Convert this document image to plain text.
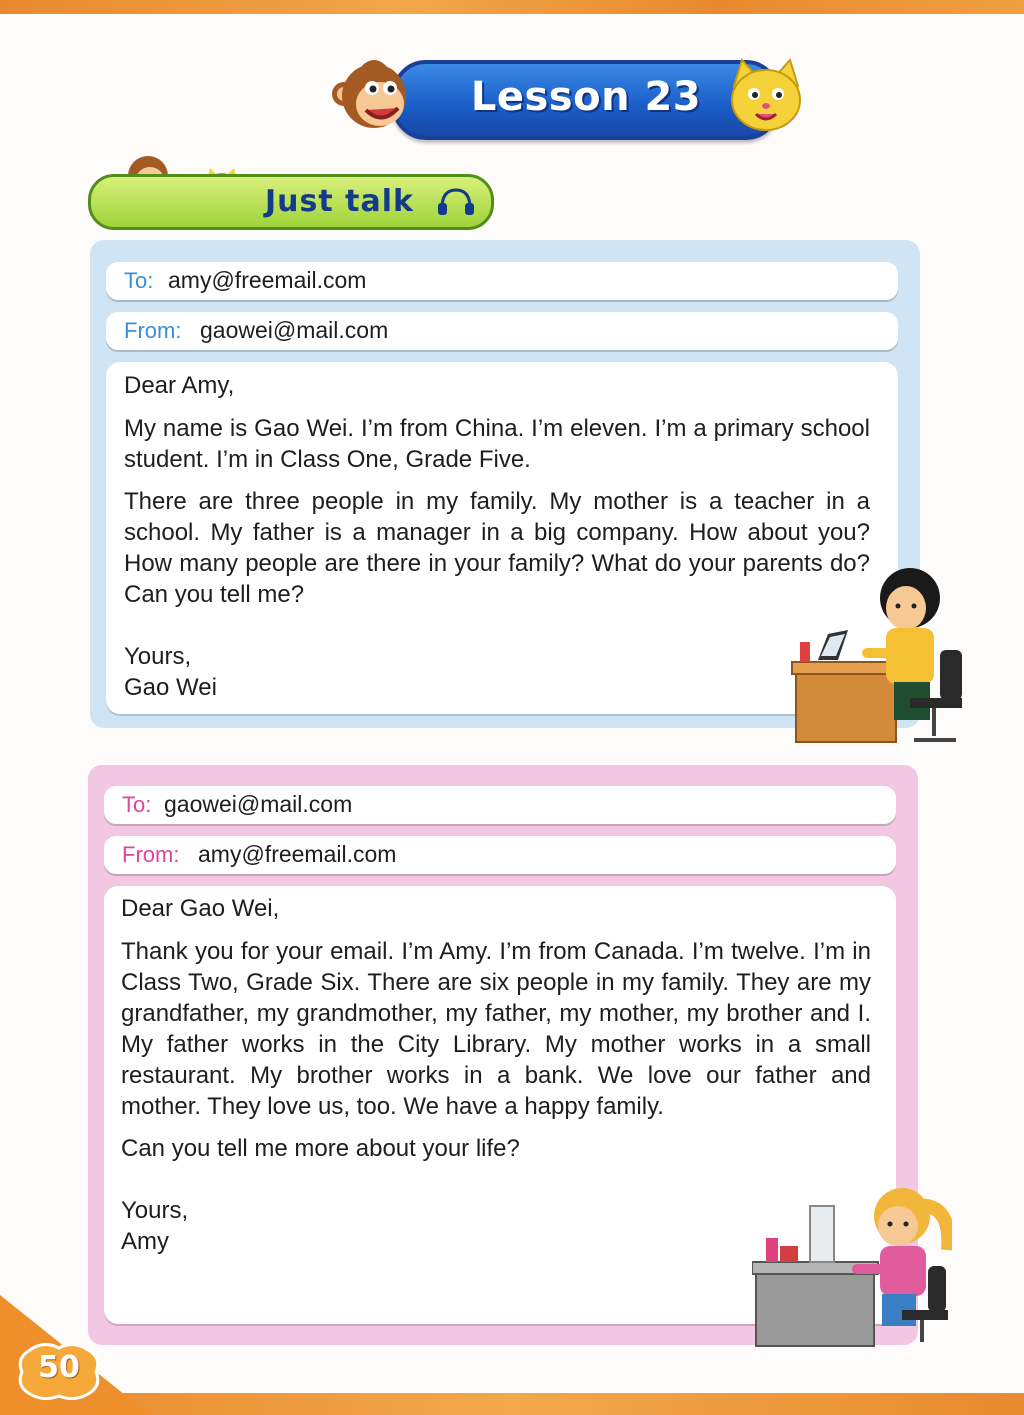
Lesson 23
Just talk
To: amy@freemail.com
From: gaowei@mail.com

Dear Amy,

My name is Gao Wei. I’m from China. I’m eleven. I’m a primary school student. I’m in Class One, Grade Five.

There are three people in my family. My mother is a teacher in a school. My father is a manager in a big company. How about you? How many people are there in your family? What do your parents do? Can you tell me?

Yours,

Gao Wei

To: gaowei@mail.com
From: amy@freemail.com

Dear Gao Wei,

Thank you for your email. I’m Amy. I’m from Canada. I’m twelve. I’m in Class Two, Grade Six. There are six people in my family. They are my grandfather, my grandmother, my father, my mother, my brother and I. My father works in the City Library. My mother works in a small restaurant. My brother works in a bank. We love our father and mother. They love us, too. We have a happy family.

Can you tell me more about your life?

Yours,

Amy

50
